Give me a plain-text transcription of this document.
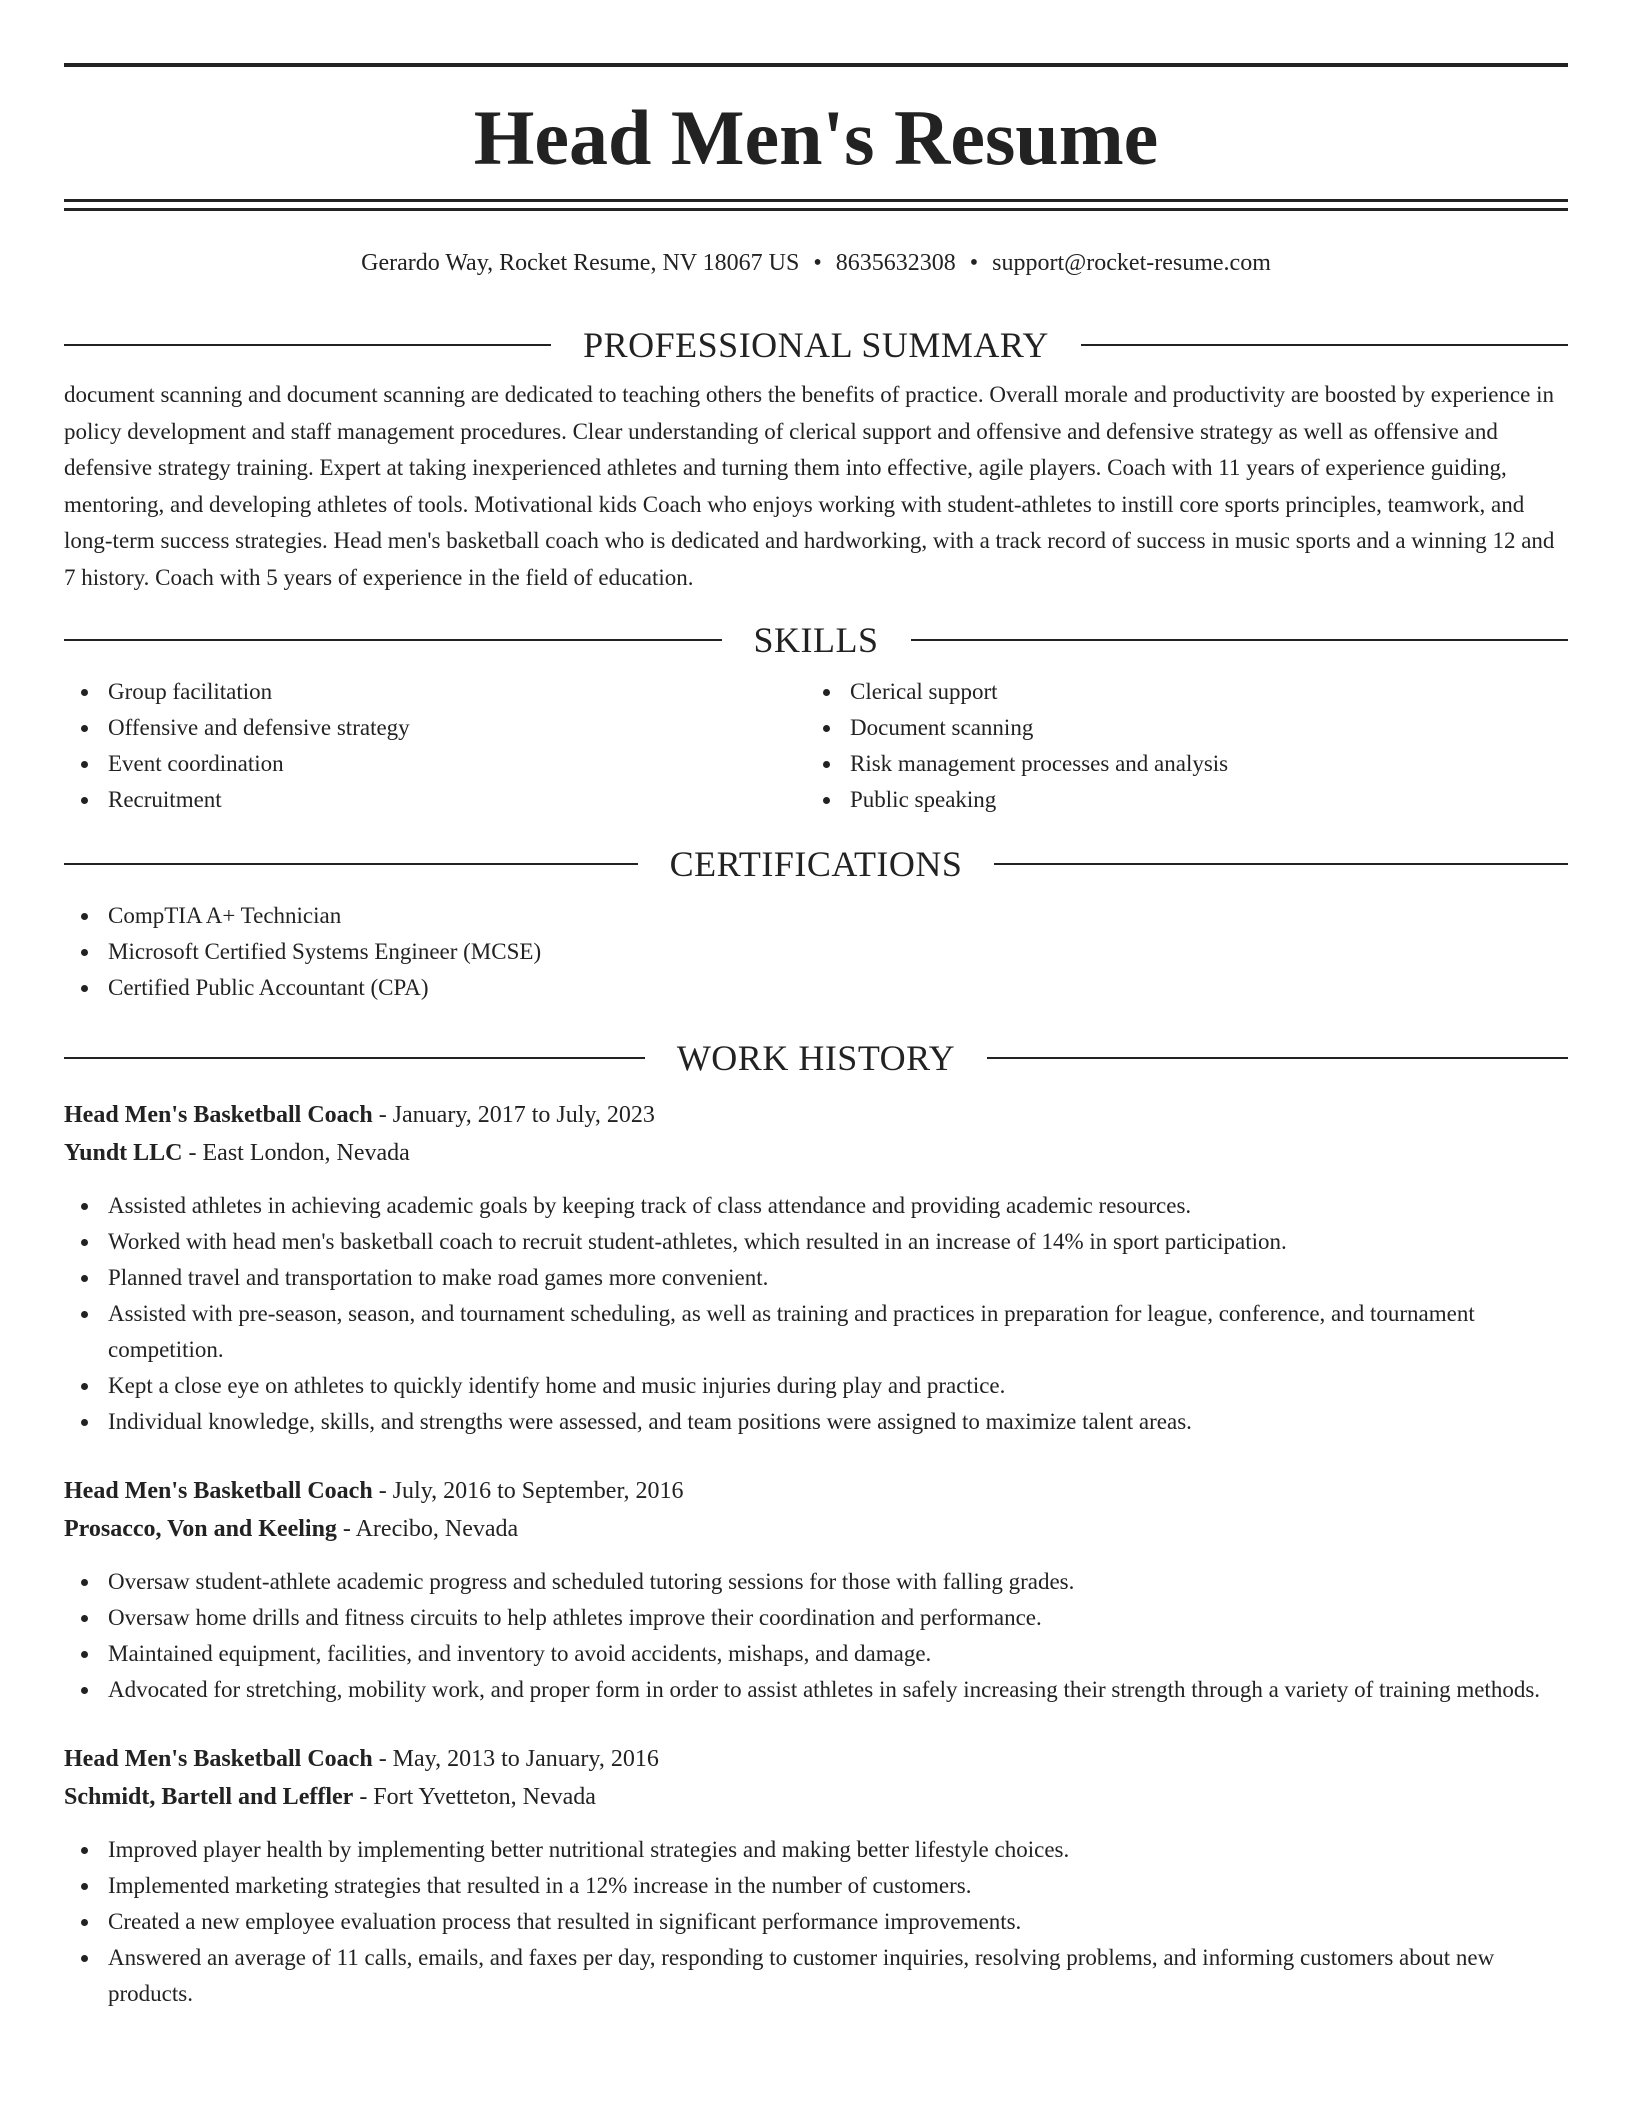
Head Men's Resume
Gerardo Way, Rocket Resume, NV 18067 US • 8635632308 • support@rocket-resume.com
PROFESSIONAL SUMMARY

document scanning and document scanning are dedicated to teaching others the benefits of practice. Overall morale and productivity are boosted by experience in policy development and staff management procedures. Clear understanding of clerical support and offensive and defensive strategy as well as offensive and defensive strategy training. Expert at taking inexperienced athletes and turning them into effective, agile players. Coach with 11 years of experience guiding, mentoring, and developing athletes of tools. Motivational kids Coach who enjoys working with student-athletes to instill core sports principles, teamwork, and long-term success strategies. Head men's basketball coach who is dedicated and hardworking, with a track record of success in music sports and a winning 12 and 7 history. Coach with 5 years of experience in the field of education.

SKILLS
Group facilitation
Offensive and defensive strategy
Event coordination
Recruitment
Clerical support
Document scanning
Risk management processes and analysis
Public speaking
CERTIFICATIONS
CompTIA A+ Technician
Microsoft Certified Systems Engineer (MCSE)
Certified Public Accountant (CPA)
WORK HISTORY
Head Men's Basketball Coach - January, 2017 to July, 2023
Yundt LLC - East London, Nevada
Assisted athletes in achieving academic goals by keeping track of class attendance and providing academic resources.
Worked with head men's basketball coach to recruit student-athletes, which resulted in an increase of 14% in sport participation.
Planned travel and transportation to make road games more convenient.
Assisted with pre-season, season, and tournament scheduling, as well as training and practices in preparation for league, conference, and tournament competition.
Kept a close eye on athletes to quickly identify home and music injuries during play and practice.
Individual knowledge, skills, and strengths were assessed, and team positions were assigned to maximize talent areas.
Head Men's Basketball Coach - July, 2016 to September, 2016
Prosacco, Von and Keeling - Arecibo, Nevada
Oversaw student-athlete academic progress and scheduled tutoring sessions for those with falling grades.
Oversaw home drills and fitness circuits to help athletes improve their coordination and performance.
Maintained equipment, facilities, and inventory to avoid accidents, mishaps, and damage.
Advocated for stretching, mobility work, and proper form in order to assist athletes in safely increasing their strength through a variety of training methods.
Head Men's Basketball Coach - May, 2013 to January, 2016
Schmidt, Bartell and Leffler - Fort Yvetteton, Nevada
Improved player health by implementing better nutritional strategies and making better lifestyle choices.
Implemented marketing strategies that resulted in a 12% increase in the number of customers.
Created a new employee evaluation process that resulted in significant performance improvements.
Answered an average of 11 calls, emails, and faxes per day, responding to customer inquiries, resolving problems, and informing customers about new products.
